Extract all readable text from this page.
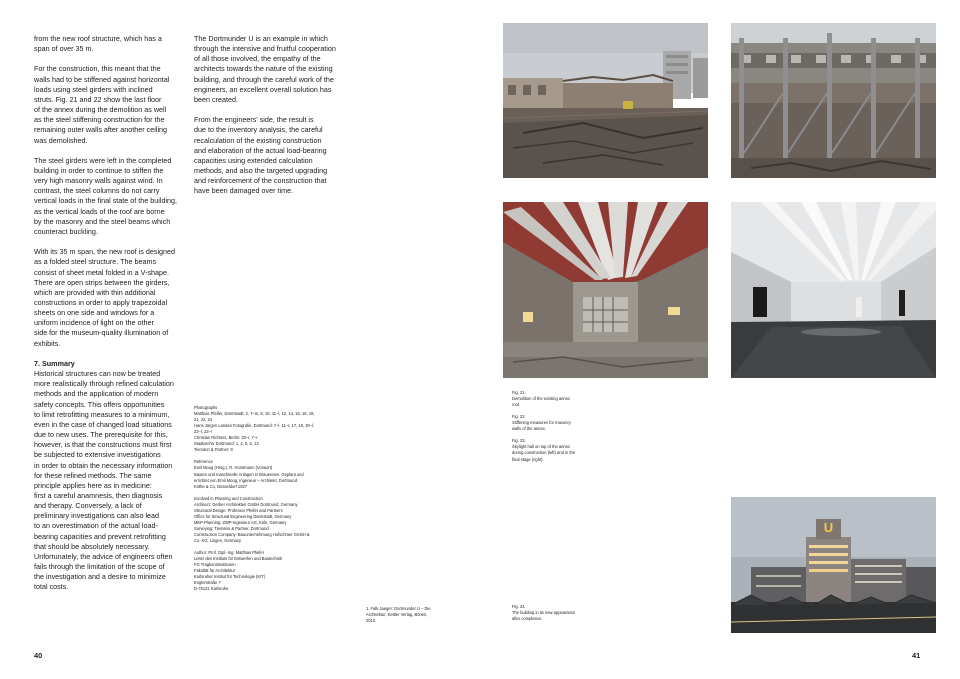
from the new roof structure, which has a
span of over 35 m.

For the construction, this meant that the
walls had to be stiffened against horizontal
loads using steel girders with inclined
struts. Fig. 21 and 22 show the last floor
of the annex during the demolition as well
as the steel stiffening construction for the
remaining outer walls after another ceiling
was demolished.

The steel girders were left in the completed
building in order to continue to stiffen the
very high masonry walls against wind. In
contrast, the steel columns do not carry
vertical loads in the final state of the building,
as the vertical loads of the roof are borne
by the masonry and the steel beams which
counteract buckling.

With its 35 m span, the new roof is designed
as a folded steel structure. The beams
consist of sheet metal folded in a V-shape.
There are open strips between the girders,
which are provided with thin additional
constructions in order to apply trapezoidal
sheets on one side and windows for a
uniform incidence of light on the other
side for the museum-quality illumination of
exhibits.

7. Summary

Historical structures can now be treated
more realistically through refined calculation
methods and the application of modern
safety concepts. This offers opportunities
to limit retrofitting measures to a minimum,
even in the case of changed load situations
due to new uses. The prerequisite for this,
however, is that the constructions must first
be subjected to extensive investigations
in order to obtain the necessary information
for these refined methods. The same
principle applies here as in medicine:
first a careful anamnesis, then diagnosis
and therapy. Conversely, a lack of
preliminary investigations can also lead
to an overestimation of the actual load-
bearing capacities and prevent retrofitting
that should be absolutely necessary.
Unfortunately, the advice of engineers often
fails through the limitation of the scope of
the investigation and a desire to minimize
total costs.

The Dortmunder U is an example in which
through the intensive and fruitful cooperation
of all those involved, the empathy of the
architects towards the nature of the existing
building, and through the careful work of the
engineers, an excellent overall solution has
been created.

From the engineers' side, the result is
due to the inventory analysis, the careful
recalculation of the existing construction
and elaboration of the actual load-bearing
capacities using extended calculation
methods, and also the targeted upgrading
and reinforcement of the construction that
have been damaged over time.

Photographs
Matthias Pfeifer, Darmstadt: 2, 7–m, 8, 10, 11–l, 12, 14, 15, 16, 19,
21, 22, 24
Hans Jürgen Landes Fotografie, Dortmund: 7–l, 11–r, 17, 18, 20–l,
23–l, 23–r
Christian Richters, Berlin: 20–r, 7–r
Stadtarchiv Dortmund: 1, 4, 5, 6, 13
Tiemann & Partner: 9
Reference
Emil Moog (Hrsg.), R. Horstmann (Vorwort)
Bauten und maschinelle Anlagen in Brauereien. Geplant und
errichtet von Emil Moog, Ingenieur – Architekt, Dortmund.
Köthe & Co, Düsseldorf 1927
Involved in Planning and Construction
Architect: Gerber Architekten GmbH Dortmund, Germany
Structural Design: Professor Pfeifer and Partners
Office for Structural Engineering Darmstadt, Germany
MEP-Planning: ZWP-Ingenieur AG, Köln, Germany
Surveying: Tiemann & Partner, Dortmund
Construction Company: Bauunternehmung Hofschröer GmbH &
Co. KG, Lingen, Germany
Author: Prof. Dipl.-Ing. Matthias Pfeifer
Leiter des Instituts für Entwerfen und Bautechnik
FG Tragkonstruktionen
Fakultät für Architektur
Karlsruher Institut für Technologie (KIT)
Englerstraße 7
D-76131 Karlsruhe
1. Falk Jaeger: Dortmunder U – Die
Architektur, Kettler Verlag, Bönen,
2010.
40
U
Fig. 21.
Demolition of the existing annex
roof.

Fig. 22.
Stiffening measures for masonry
walls of the annex.

Fig. 23.
Skylight hall on top of the annex
during construction (left) and in the
final stage (right).
Fig. 24.
The building in its new appearance
after completion.
41
